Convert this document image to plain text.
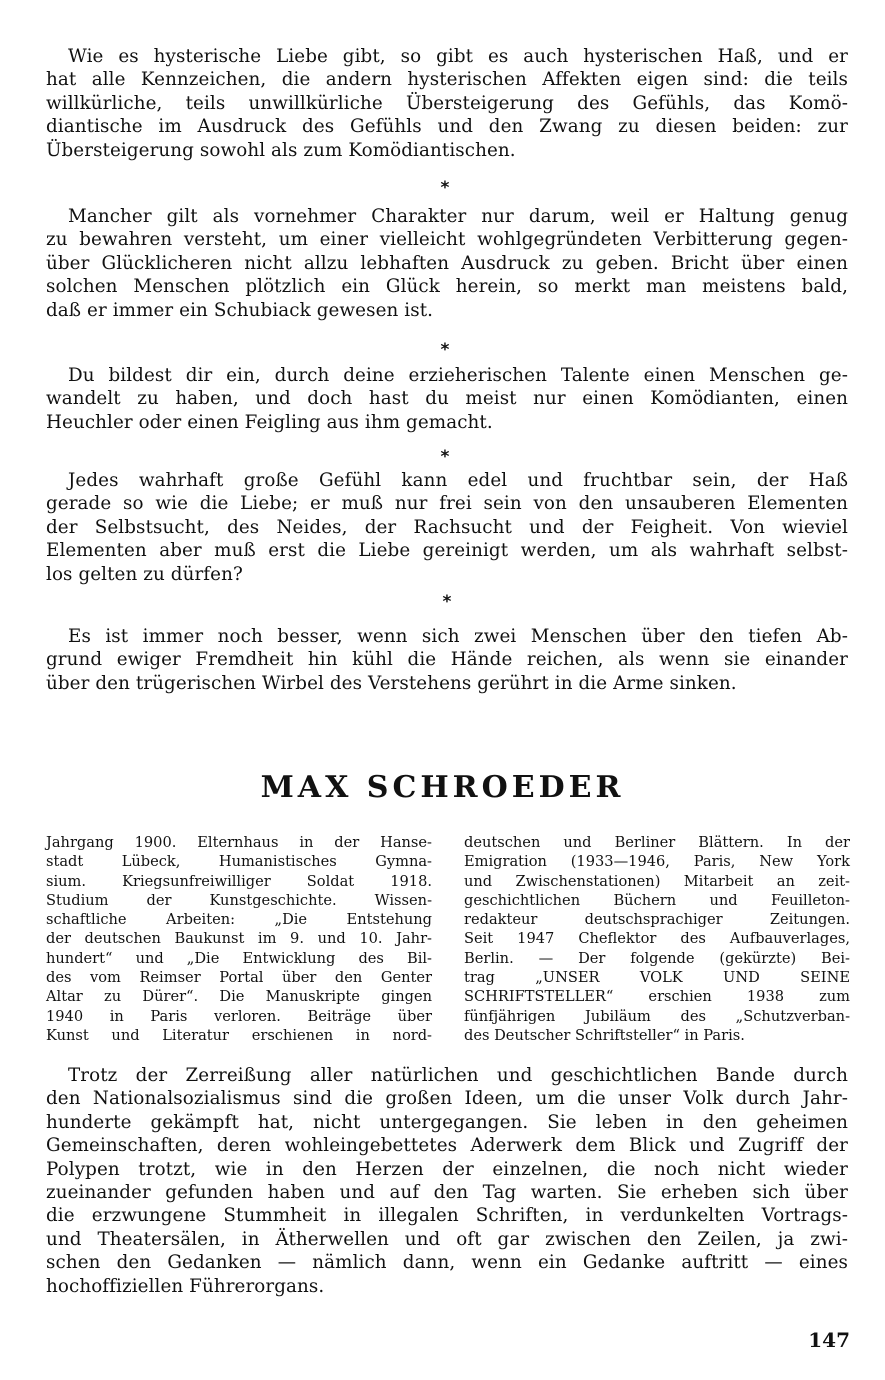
Wie es hysterische Liebe gibt, so gibt es auch hysterischen Haß, und er
hat alle Kennzeichen, die andern hysterischen Affekten eigen sind: die teils
willkürliche, teils unwillkürliche Übersteigerung des Gefühls, das Komö-
diantische im Ausdruck des Gefühls und den Zwang zu diesen beiden: zur
Übersteigerung sowohl als zum Komödiantischen.
*
Mancher gilt als vornehmer Charakter nur darum, weil er Haltung genug
zu bewahren versteht, um einer vielleicht wohlgegründeten Verbitterung gegen-
über Glücklicheren nicht allzu lebhaften Ausdruck zu geben. Bricht über einen
solchen Menschen plötzlich ein Glück herein, so merkt man meistens bald,
daß er immer ein Schubiack gewesen ist.
*
Du bildest dir ein, durch deine erzieherischen Talente einen Menschen ge-
wandelt zu haben, und doch hast du meist nur einen Komödianten, einen
Heuchler oder einen Feigling aus ihm gemacht.
*
Jedes wahrhaft große Gefühl kann edel und fruchtbar sein, der Haß
gerade so wie die Liebe; er muß nur frei sein von den unsauberen Elementen
der Selbstsucht, des Neides, der Rachsucht und der Feigheit. Von wieviel
Elementen aber muß erst die Liebe gereinigt werden, um als wahrhaft selbst-
los gelten zu dürfen?
*
Es ist immer noch besser, wenn sich zwei Menschen über den tiefen Ab-
grund ewiger Fremdheit hin kühl die Hände reichen, als wenn sie einander
über den trügerischen Wirbel des Verstehens gerührt in die Arme sinken.
MAX SCHROEDER
Jahrgang 1900. Elternhaus in der Hanse-
stadt Lübeck, Humanistisches Gymna-
sium. Kriegsunfreiwilliger Soldat 1918.
Studium der Kunstgeschichte. Wissen-
schaftliche Arbeiten: „Die Entstehung
der deutschen Baukunst im 9. und 10. Jahr-
hundert“ und „Die Entwicklung des Bil-
des vom Reimser Portal über den Genter
Altar zu Dürer“. Die Manuskripte gingen
1940 in Paris verloren. Beiträge über
Kunst und Literatur erschienen in nord-
deutschen und Berliner Blättern. In der
Emigration (1933—1946, Paris, New York
und Zwischenstationen) Mitarbeit an zeit-
geschichtlichen Büchern und Feuilleton-
redakteur deutschsprachiger Zeitungen.
Seit 1947 Cheflektor des Aufbauverlages,
Berlin. — Der folgende (gekürzte) Bei-
trag „UNSER VOLK UND SEINE
SCHRIFTSTELLER“ erschien 1938 zum
fünfjährigen Jubiläum des „Schutzverban-
des Deutscher Schriftsteller“ in Paris.
Trotz der Zerreißung aller natürlichen und geschichtlichen Bande durch
den Nationalsozialismus sind die großen Ideen, um die unser Volk durch Jahr-
hunderte gekämpft hat, nicht untergegangen. Sie leben in den geheimen
Gemeinschaften, deren wohleingebettetes Aderwerk dem Blick und Zugriff der
Polypen trotzt, wie in den Herzen der einzelnen, die noch nicht wieder
zueinander gefunden haben und auf den Tag warten. Sie erheben sich über
die erzwungene Stummheit in illegalen Schriften, in verdunkelten Vortrags-
und Theatersälen, in Ätherwellen und oft gar zwischen den Zeilen, ja zwi-
schen den Gedanken — nämlich dann, wenn ein Gedanke auftritt — eines
hochoffiziellen Führerorgans.
147
